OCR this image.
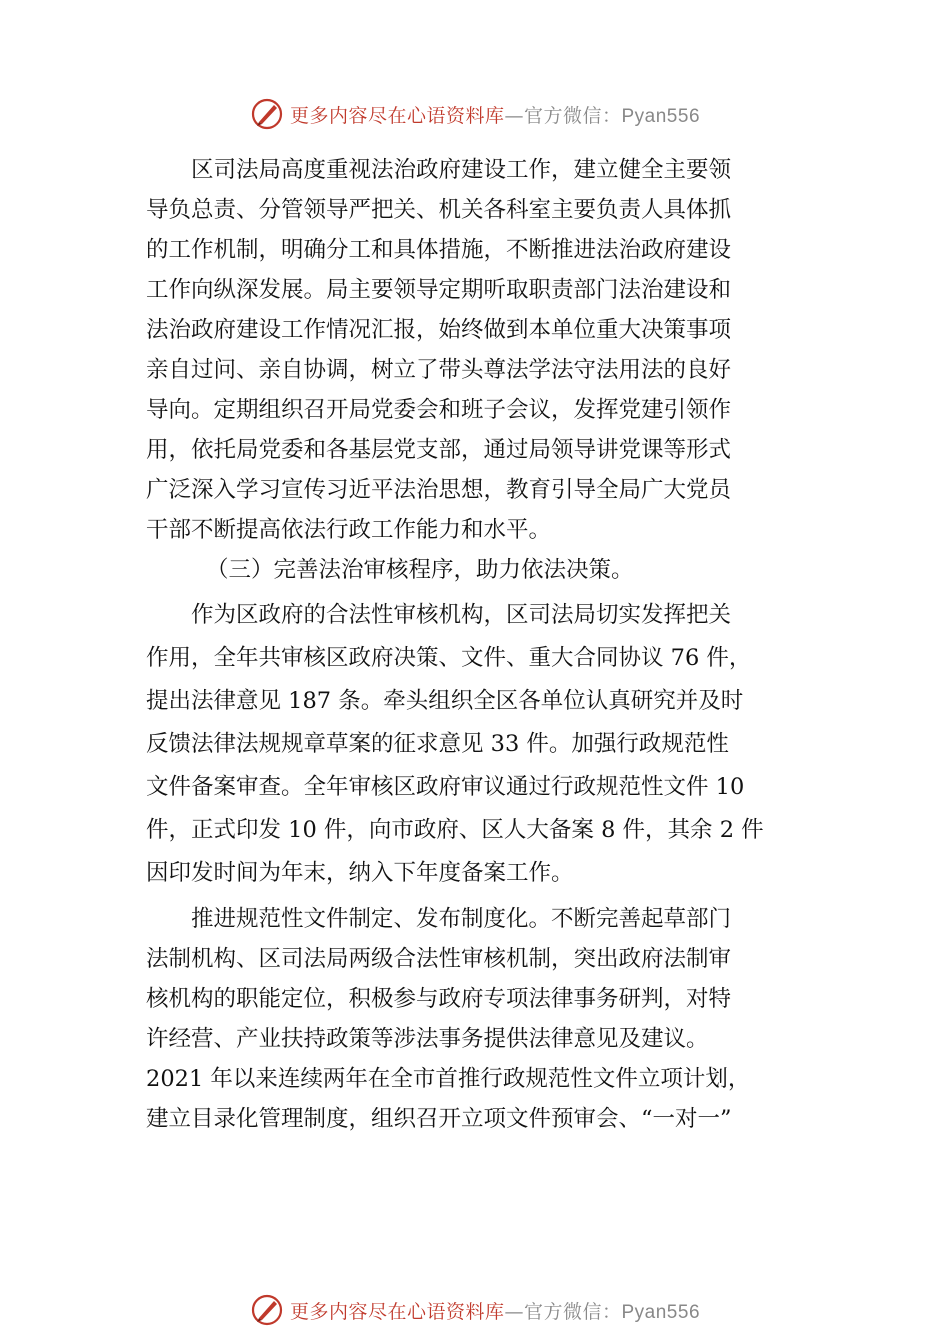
更多内容尽在心语资料库—官方微信：Pyan556
　　区司法局高度重视法治政府建设工作，建立健全主要领
导负总责、分管领导严把关、机关各科室主要负责人具体抓
的工作机制，明确分工和具体措施，不断推进法治政府建设
工作向纵深发展。局主要领导定期听取职责部门法治建设和
法治政府建设工作情况汇报，始终做到本单位重大决策事项
亲自过问、亲自协调，树立了带头尊法学法守法用法的良好
导向。定期组织召开局党委会和班子会议，发挥党建引领作
用，依托局党委和各基层党支部，通过局领导讲党课等形式
广泛深入学习宣传习近平法治思想，教育引导全局广大党员
干部不断提高依法行政工作能力和水平。
（三）完善法治审核程序，助力依法决策。
　　作为区政府的合法性审核机构，区司法局切实发挥把关
作用，全年共审核区政府决策、文件、重大合同协议 76 件，
提出法律意见 187 条。牵头组织全区各单位认真研究并及时
反馈法律法规规章草案的征求意见 33 件。加强行政规范性
文件备案审查。全年审核区政府审议通过行政规范性文件 10
件，正式印发 10 件，向市政府、区人大备案 8 件，其余 2 件
因印发时间为年末，纳入下年度备案工作。
　　推进规范性文件制定、发布制度化。不断完善起草部门
法制机构、区司法局两级合法性审核机制，突出政府法制审
核机构的职能定位，积极参与政府专项法律事务研判，对特
许经营、产业扶持政策等涉法事务提供法律意见及建议。
2021 年以来连续两年在全市首推行政规范性文件立项计划，
建立目录化管理制度，组织召开立项文件预审会、“一对一”
更多内容尽在心语资料库—官方微信：Pyan556
